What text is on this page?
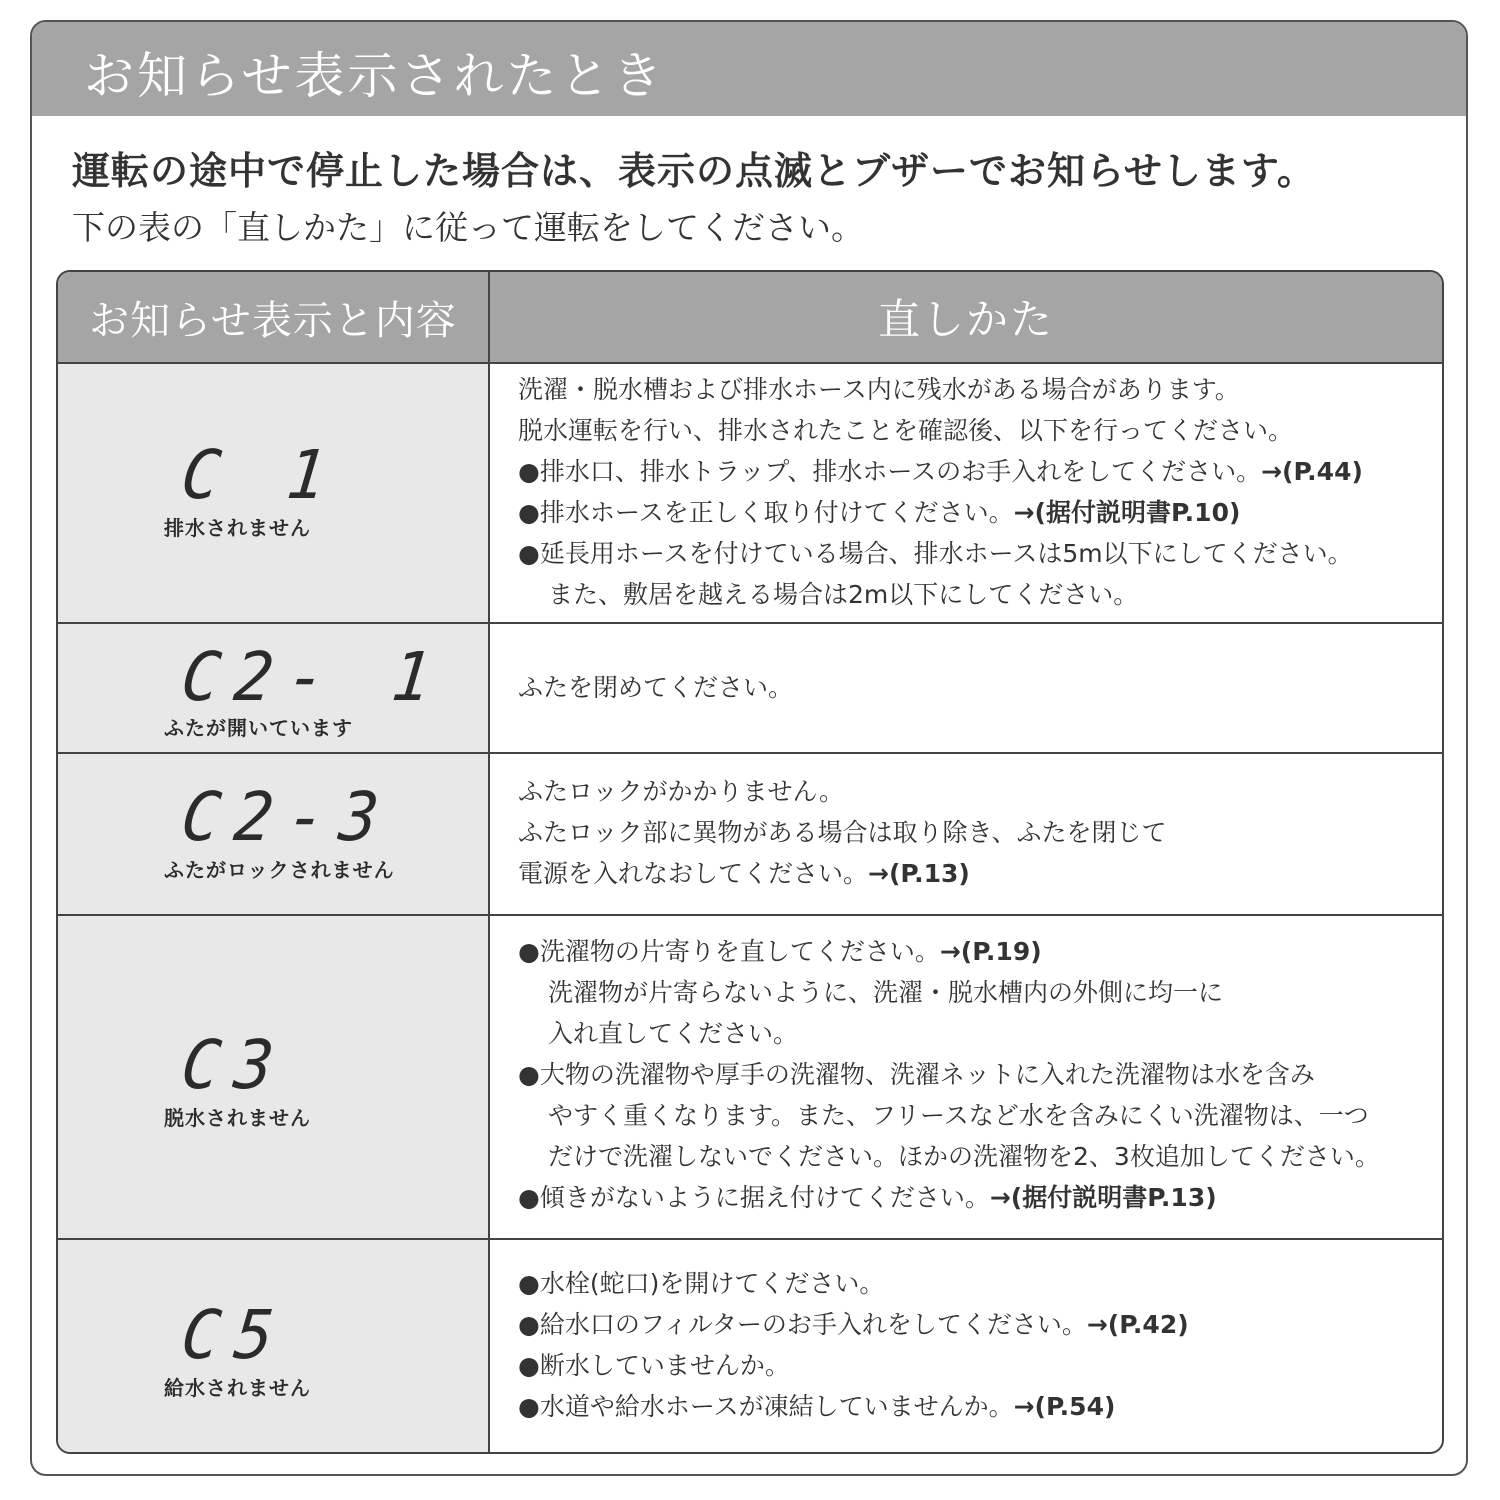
お知らせ表示されたとき
運転の途中で停止した場合は、表示の点滅とブザーでお知らせします。
下の表の「直しかた」に従って運転をしてください。
お知らせ表示と内容	直しかた
C 1
排水されません
洗濯・脱水槽および排水ホース内に残水がある場合があります。
脱水運転を行い、排水されたことを確認後、以下を行ってください。
●排水口、排水トラップ、排水ホースのお手入れをしてください。→(P.44)
●排水ホースを正しく取り付けてください。→(据付説明書P.10)
●延長用ホースを付けている場合、排水ホースは5m以下にしてください。
また、敷居を越える場合は2m以下にしてください。
C2- 1
ふたが開いています
ふたを閉めてください。
C2-3
ふたがロックされません
ふたロックがかかりません。
ふたロック部に異物がある場合は取り除き、ふたを閉じて
電源を入れなおしてください。→(P.13)
C3
脱水されません
●洗濯物の片寄りを直してください。→(P.19)
洗濯物が片寄らないように、洗濯・脱水槽内の外側に均一に
入れ直してください。
●大物の洗濯物や厚手の洗濯物、洗濯ネットに入れた洗濯物は水を含み
やすく重くなります。また、フリースなど水を含みにくい洗濯物は、一つ
だけで洗濯しないでください。ほかの洗濯物を2、3枚追加してください。
●傾きがないように据え付けてください。→(据付説明書P.13)
C5
給水されません
●水栓(蛇口)を開けてください。
●給水口のフィルターのお手入れをしてください。→(P.42)
●断水していませんか。
●水道や給水ホースが凍結していませんか。→(P.54)
